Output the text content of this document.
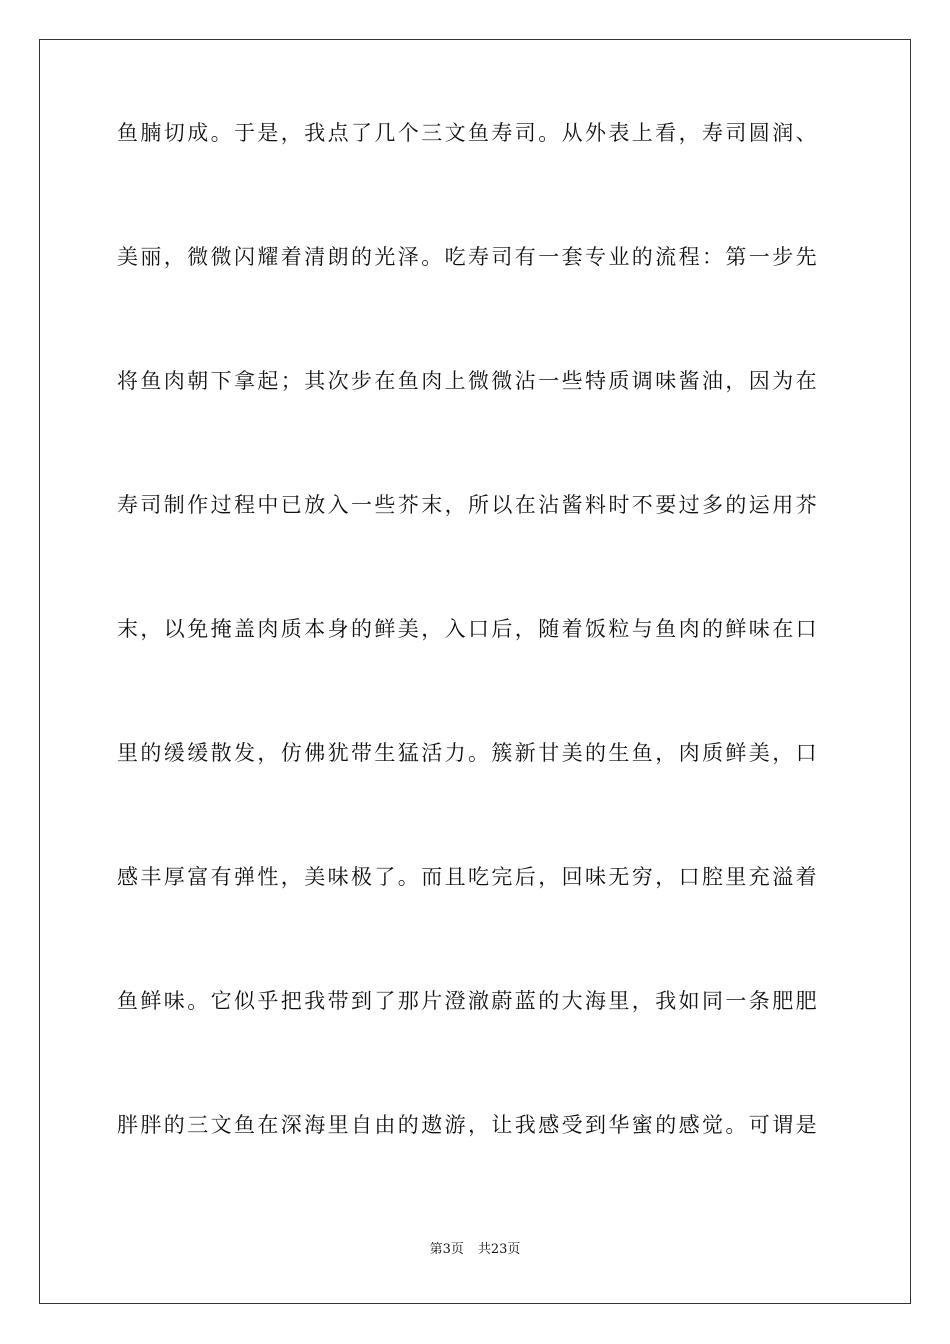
鱼腩切成。于是，我点了几个三文鱼寿司。从外表上看，寿司圆润、
美丽，微微闪耀着清朗的光泽。吃寿司有一套专业的流程：第一步先
将鱼肉朝下拿起；其次步在鱼肉上微微沾一些特质调味酱油，因为在
寿司制作过程中已放入一些芥末，所以在沾酱料时不要过多的运用芥
末，以免掩盖肉质本身的鲜美，入口后，随着饭粒与鱼肉的鲜味在口
里的缓缓散发，仿佛犹带生猛活力。簇新甘美的生鱼，肉质鲜美，口
感丰厚富有弹性，美味极了。而且吃完后，回味无穷，口腔里充溢着
鱼鲜味。它似乎把我带到了那片澄澈蔚蓝的大海里，我如同一条肥肥
胖胖的三文鱼在深海里自由的遨游，让我感受到华蜜的感觉。可谓是
第3页 共23页
